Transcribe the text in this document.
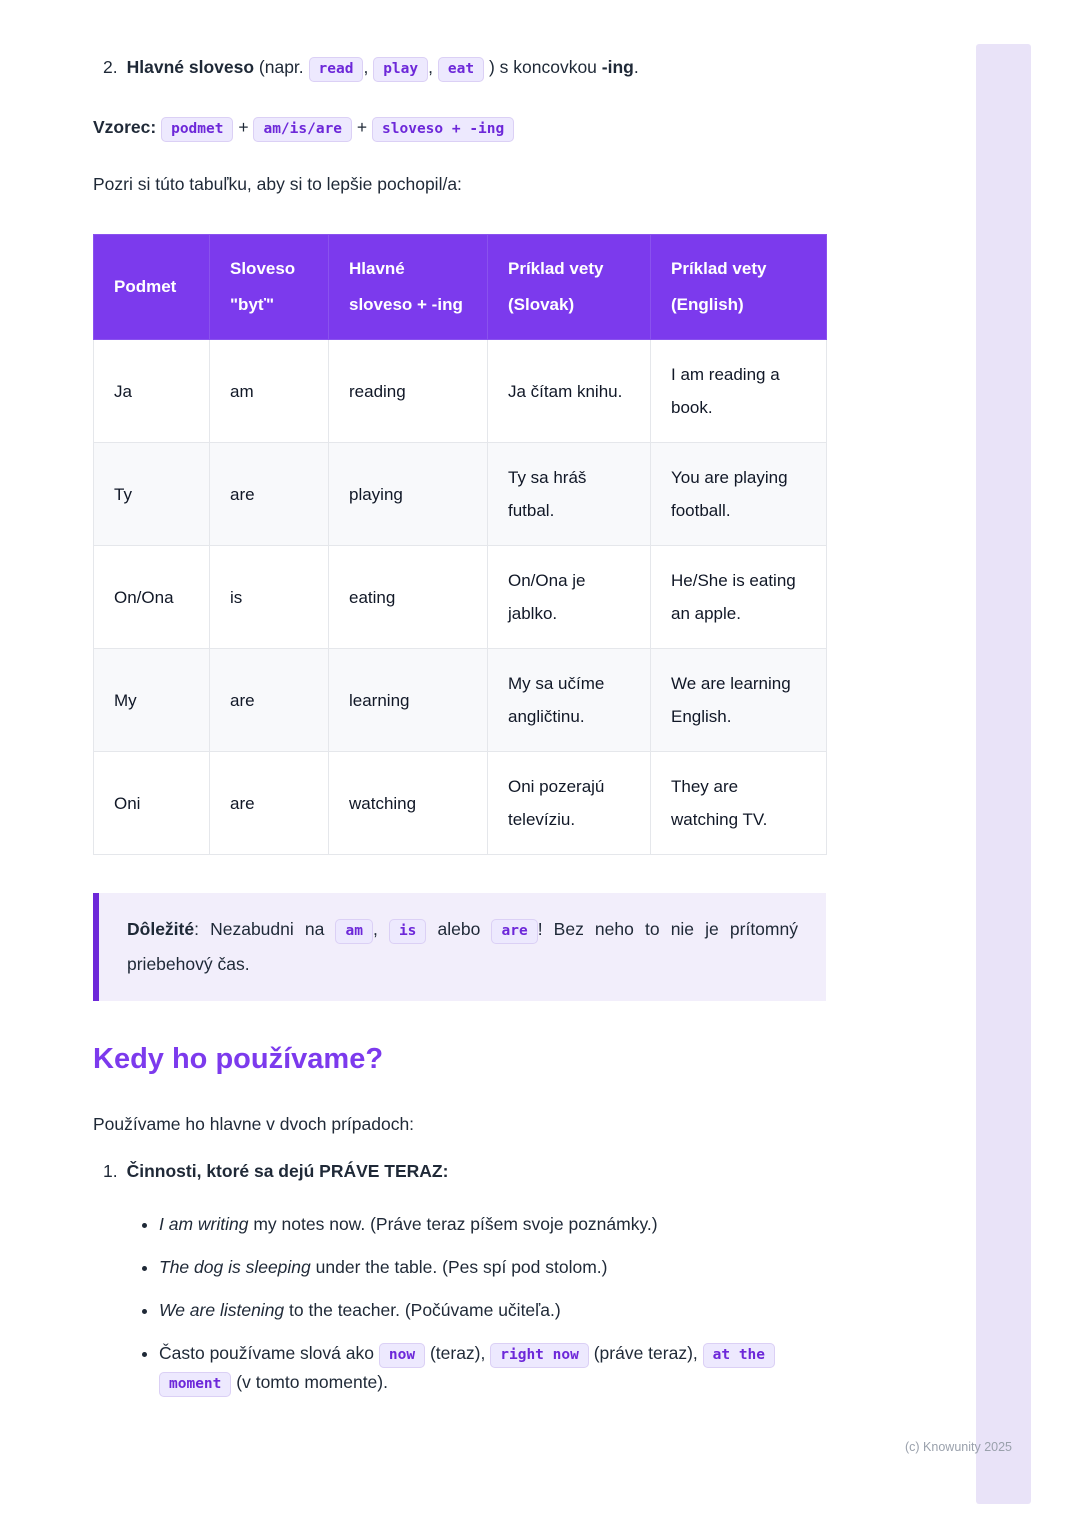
2. Hlavné sloveso (napr. read , play , eat ) s koncovkou -ing.
Vzorec: podmet + am/is/are + sloveso + -ing

Pozri si túto tabuľku, aby si to lepšie pochopil/a:

Podmet	Sloveso "byť"	Hlavné sloveso + -ing	Príklad vety (Slovak)	Príklad vety (English)
Ja	am	reading	Ja čítam knihu.	I am reading a book.
Ty	are	playing	Ty sa hráš futbal.	You are playing football.
On/Ona	is	eating	On/Ona je jablko.	He/She is eating an apple.
My	are	learning	My sa učíme angličtinu.	We are learning English.
Oni	are	watching	Oni pozerajú televíziu.	They are watching TV.
Dôležité: Nezabudni na am , is alebo are ! Bez neho to nie je prítomný priebehový čas.
Kedy ho používame?

Používame ho hlavne v dvoch prípadoch:

1. Činnosti, ktoré sa dejú PRÁVE TERAZ:
• I am writing my notes now. (Práve teraz píšem svoje poznámky.)
• The dog is sleeping under the table. (Pes spí pod stolom.)
• We are listening to the teacher. (Počúvame učiteľa.)
• Často používame slová ako now (teraz), right now (práve teraz), at the moment (v tomto momente).
(c) Knowunity 2025
